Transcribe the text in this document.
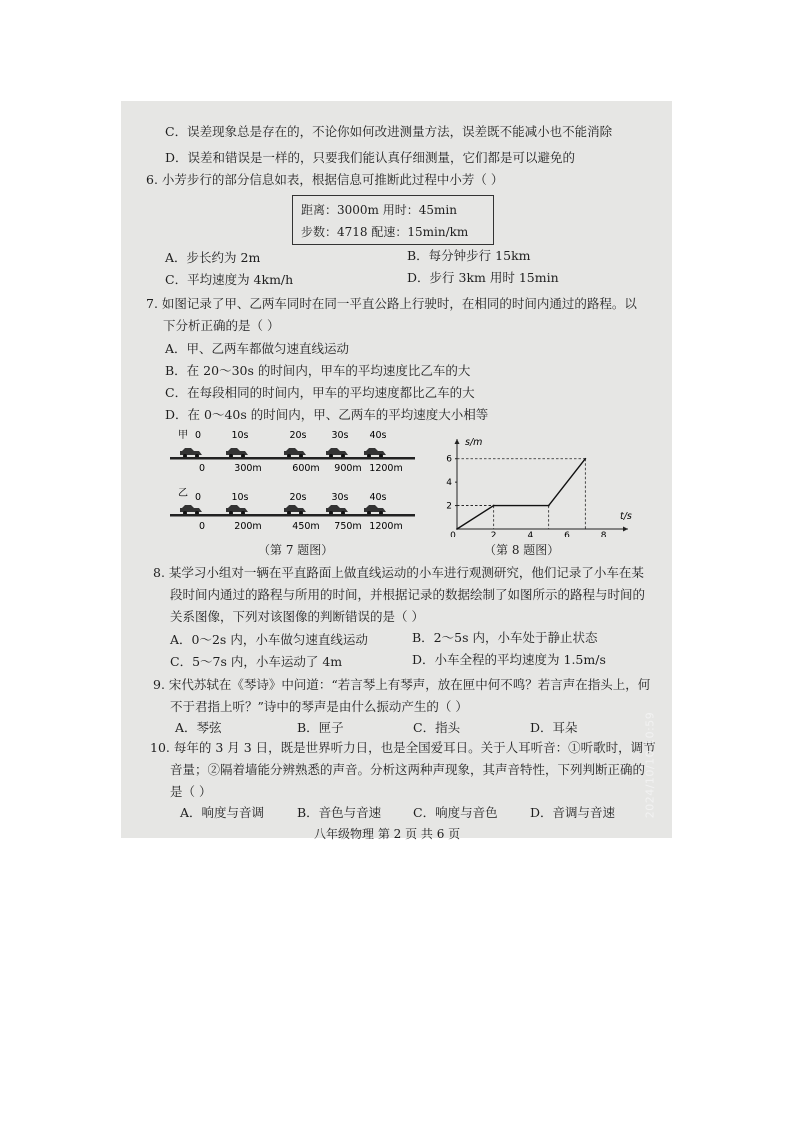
C．误差现象总是存在的，不论你如何改进测量方法，误差既不能减小也不能消除
D．误差和错误是一样的，只要我们能认真仔细测量，它们都是可以避免的
6. 小芳步行的部分信息如表，根据信息可推断此过程中小芳（ ）
距离：3000m 用时：45min
步数：4718 配速：15min/km
A．步长约为 2m	B．每分钟步行 15km
C．平均速度为 4km/h	D．步行 3km 用时 15min
7. 如图记录了甲、乙两车同时在同一平直公路上行驶时，在相同的时间内通过的路程。以
下分析正确的是（ ）
A．甲、乙两车都做匀速直线运动
B．在 20～30s 的时间内，甲车的平均速度比乙车的大
C．在每段相同的时间内，甲车的平均速度都比乙车的大
D．在 0～40s 的时间内，甲、乙两车的平均速度大小相等
甲 0	10s	20s	30s 40s
0	300m	600m 900m 1200m
乙 0	10s	20s	30s 40s
0	200m	450m 750m 1200m
（第 7 题图）
t/s
s/m
0	2	4	6	8
2
4
6
（第 8 题图）
8. 某学习小组对一辆在平直路面上做直线运动的小车进行观测研究，他们记录了小车在某
段时间内通过的路程与所用的时间，并根据记录的数据绘制了如图所示的路程与时间的
关系图像，下列对该图像的判断错误的是（ ）
A．0～2s 内，小车做匀速直线运动	B．2～5s 内，小车处于静止状态
C．5～7s 内，小车运动了 4m	D．小车全程的平均速度为 1.5m/s
9. 宋代苏轼在《琴诗》中问道：“若言琴上有琴声，放在匣中何不鸣？若言声在指头上，何
不于君指上听？”诗中的琴声是由什么振动产生的（ ）
A．琴弦	B．匣子	C．指头	D．耳朵
10. 每年的 3 月 3 日，既是世界听力日，也是全国爱耳日。关于人耳听音：①听歌时，调节
音量；②隔着墙能分辨熟悉的声音。分析这两种声现象，其声音特性，下列判断正确的
是（ ）
A．响度与音调	B．音色与音速	C．响度与音色	D．音调与音速
八年级物理 第 2 页 共 6 页
2024/10/10 10:59
